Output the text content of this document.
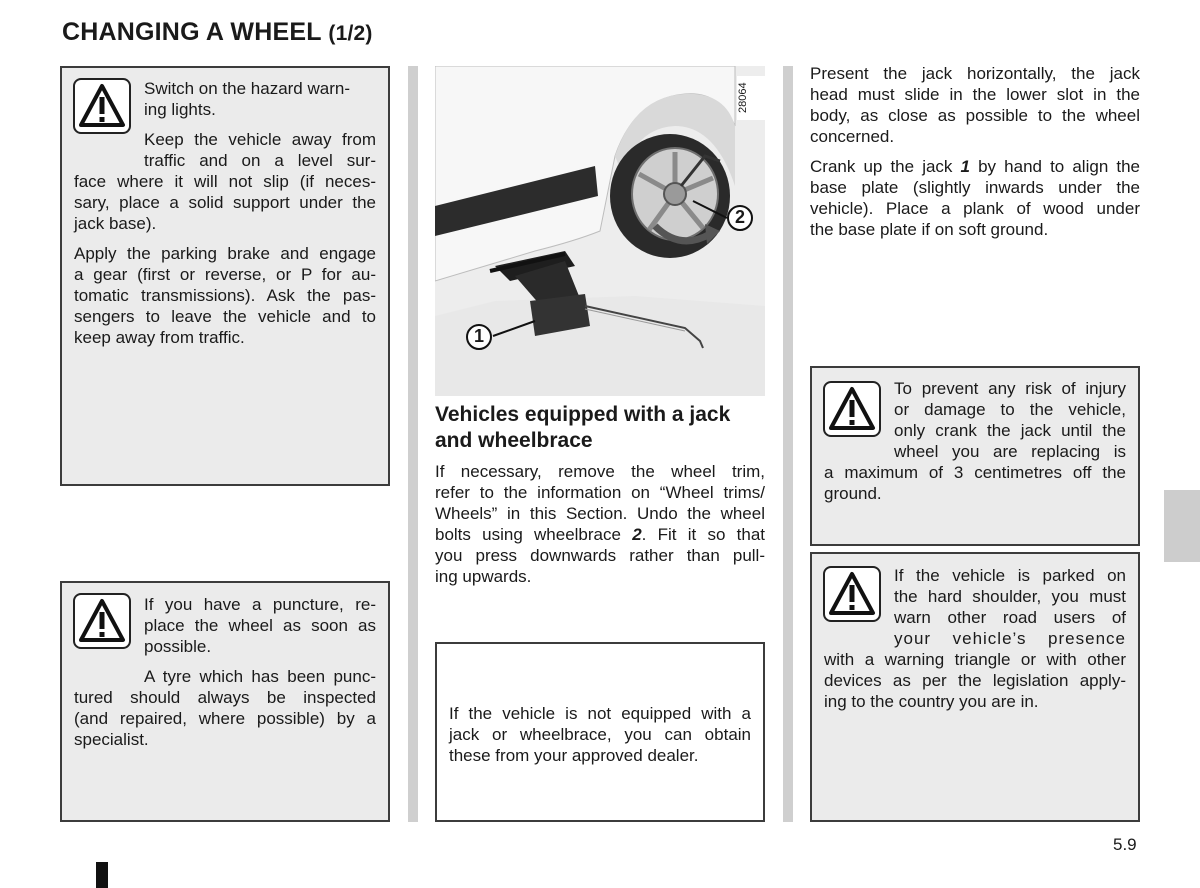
CHANGING A WHEEL (1/2)
Switch on the hazard warn-
ing lights.
Keep the vehicle away from
traffic and on a level sur-
face where it will not slip (if neces-
sary, place a solid support under the
jack base).
Apply the parking brake and engage
a gear (first or reverse, or P for au-
tomatic transmissions). Ask the pas-
sengers to leave the vehicle and to
keep away from traffic.
If you have a puncture, re-
place the wheel as soon as
possible.
A tyre which has been punc-
tured should always be inspected
(and repaired, where possible) by a
specialist.
28064
1
2
Vehicles equipped with a jack
and wheelbrace
If necessary, remove the wheel trim,
refer to the information on “Wheel trims/
Wheels” in this Section. Undo the wheel
bolts using wheelbrace 2. Fit it so that
you press downwards rather than pull-
ing upwards.
If the vehicle is not equipped with a
jack or wheelbrace, you can obtain
these from your approved dealer.
Present the jack horizontally, the jack
head must slide in the lower slot in the
body, as close as possible to the wheel
concerned.
Crank up the jack 1 by hand to align the
base plate (slightly inwards under the
vehicle). Place a plank of wood under
the base plate if on soft ground.
To prevent any risk of injury
or damage to the vehicle,
only crank the jack until the
wheel you are replacing is
a maximum of 3 centimetres off the
ground.
If the vehicle is parked on
the hard shoulder, you must
warn other road users of
your vehicle’s presence
with a warning triangle or with other
devices as per the legislation apply-
ing to the country you are in.
5.9
